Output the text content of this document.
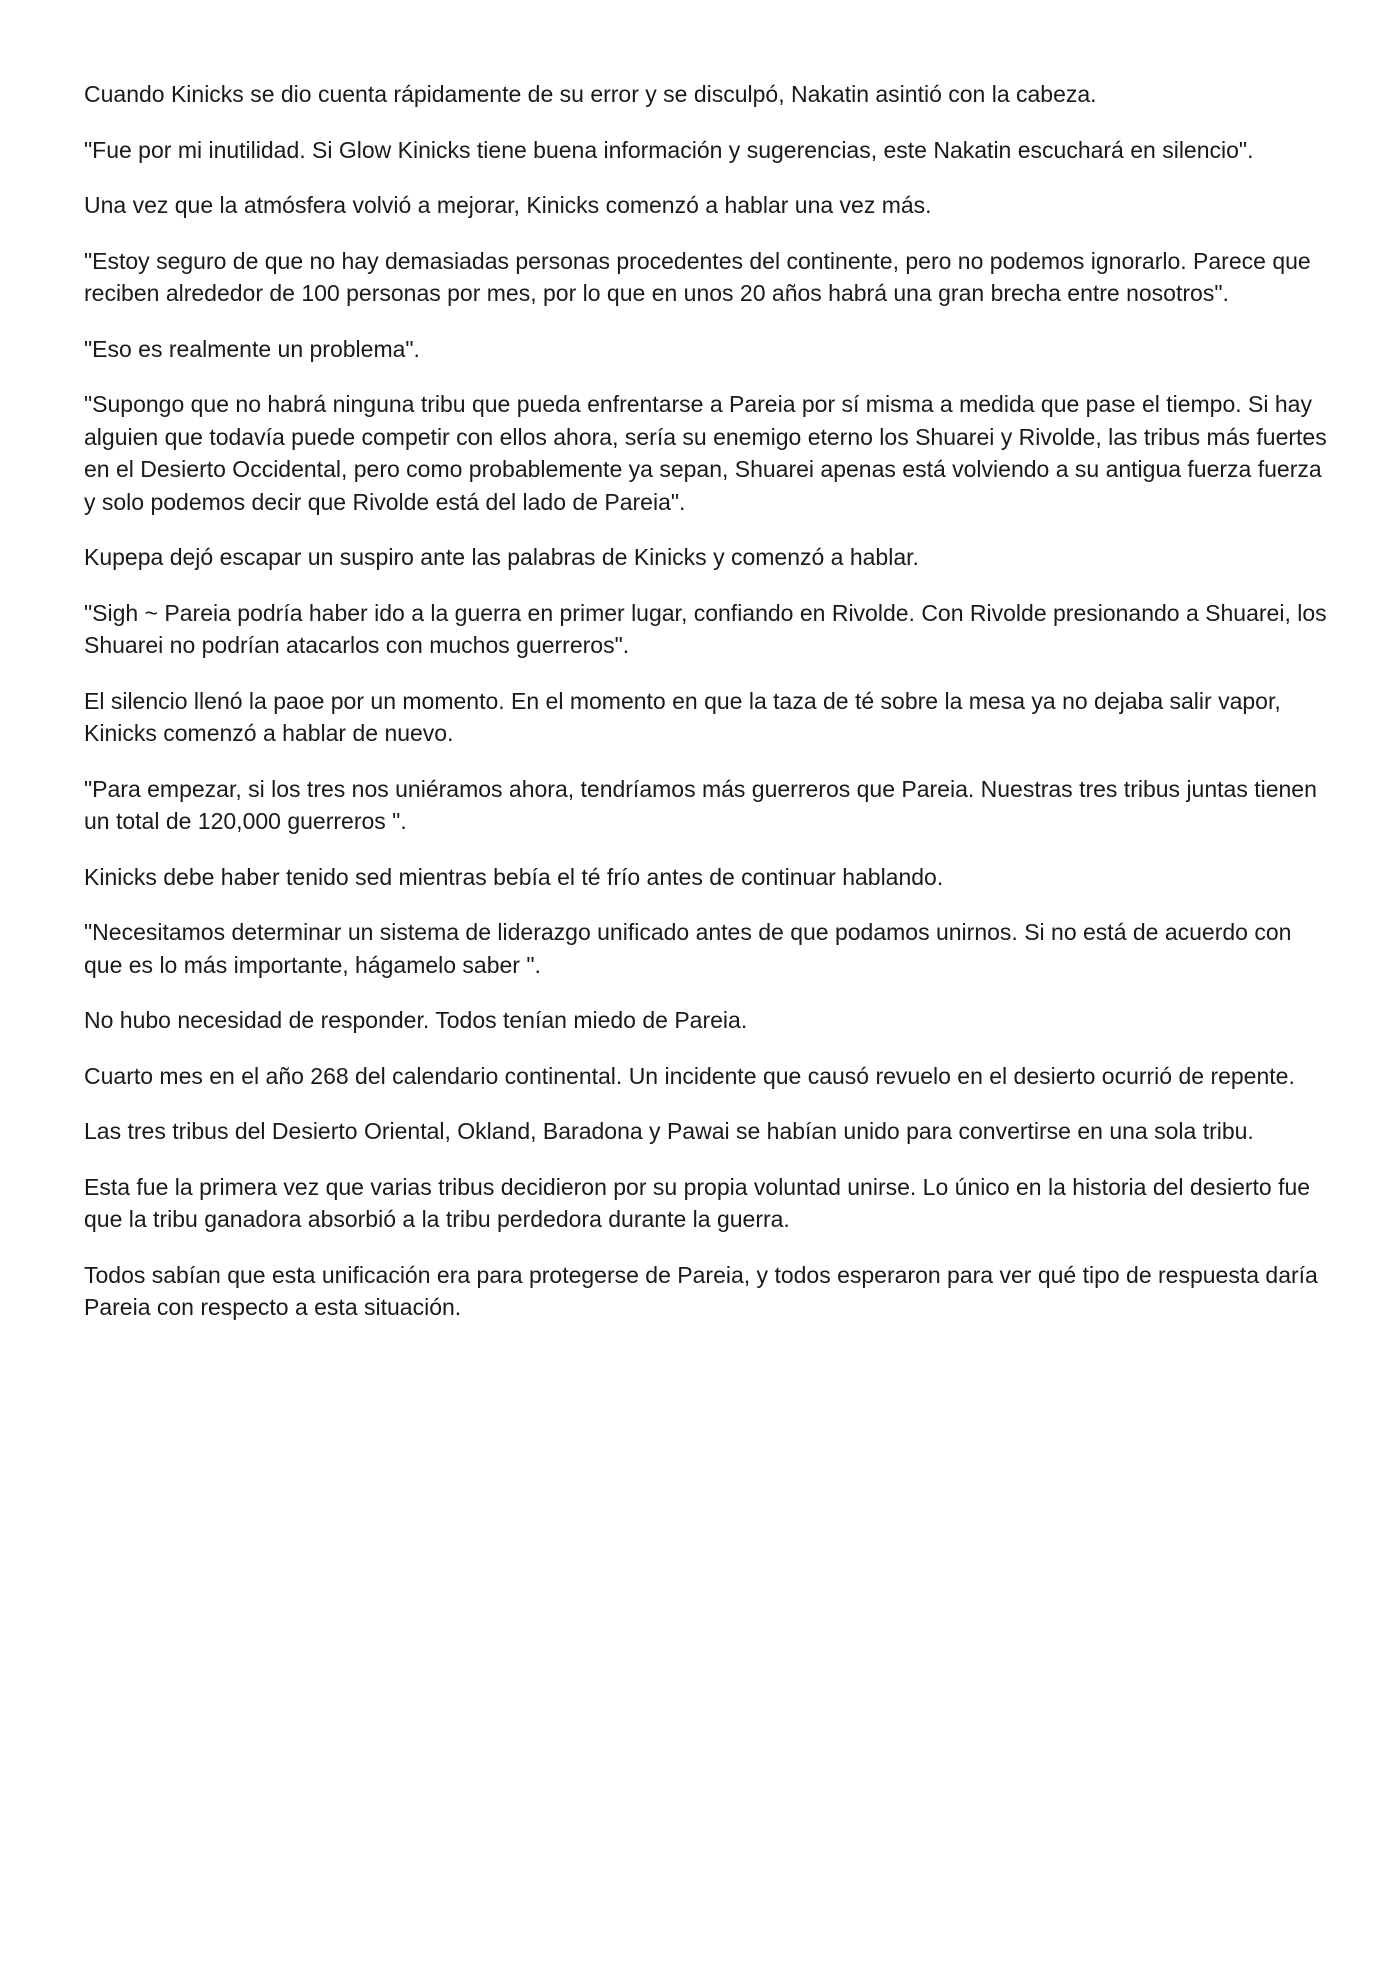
Cuando Kinicks se dio cuenta rápidamente de su error y se disculpó, Nakatin asintió con la cabeza.

"Fue por mi inutilidad. Si Glow Kinicks tiene buena información y sugerencias, este Nakatin escuchará en silencio".

Una vez que la atmósfera volvió a mejorar, Kinicks comenzó a hablar una vez más.

"Estoy seguro de que no hay demasiadas personas procedentes del continente, pero no podemos ignorarlo. Parece que reciben alrededor de 100 personas por mes, por lo que en unos 20 años habrá una gran brecha entre nosotros".

"Eso es realmente un problema".

"Supongo que no habrá ninguna tribu que pueda enfrentarse a Pareia por sí misma a medida que pase el tiempo. Si hay alguien que todavía puede competir con ellos ahora, sería su enemigo eterno los Shuarei y Rivolde, las tribus más fuertes en el Desierto Occidental, pero como probablemente ya sepan, Shuarei apenas está volviendo a su antigua fuerza fuerza y solo podemos decir que Rivolde está del lado de Pareia".

Kupepa dejó escapar un suspiro ante las palabras de Kinicks y comenzó a hablar.

"Sigh ~ Pareia podría haber ido a la guerra en primer lugar, confiando en Rivolde. Con Rivolde presionando a Shuarei, los Shuarei no podrían atacarlos con muchos guerreros".

El silencio llenó la paoe por un momento. En el momento en que la taza de té sobre la mesa ya no dejaba salir vapor, Kinicks comenzó a hablar de nuevo.

"Para empezar, si los tres nos uniéramos ahora, tendríamos más guerreros que Pareia. Nuestras tres tribus juntas tienen un total de 120,000 guerreros ".

Kinicks debe haber tenido sed mientras bebía el té frío antes de continuar hablando.

"Necesitamos determinar un sistema de liderazgo unificado antes de que podamos unirnos. Si no está de acuerdo con que es lo más importante, hágamelo saber ".

No hubo necesidad de responder. Todos tenían miedo de Pareia.

Cuarto mes en el año 268 del calendario continental. Un incidente que causó revuelo en el desierto ocurrió de repente.

Las tres tribus del Desierto Oriental, Okland, Baradona y Pawai se habían unido para convertirse en una sola tribu.

Esta fue la primera vez que varias tribus decidieron por su propia voluntad unirse. Lo único en la historia del desierto fue que la tribu ganadora absorbió a la tribu perdedora durante la guerra.

Todos sabían que esta unificación era para protegerse de Pareia, y todos esperaron para ver qué tipo de respuesta daría Pareia con respecto a esta situación.
